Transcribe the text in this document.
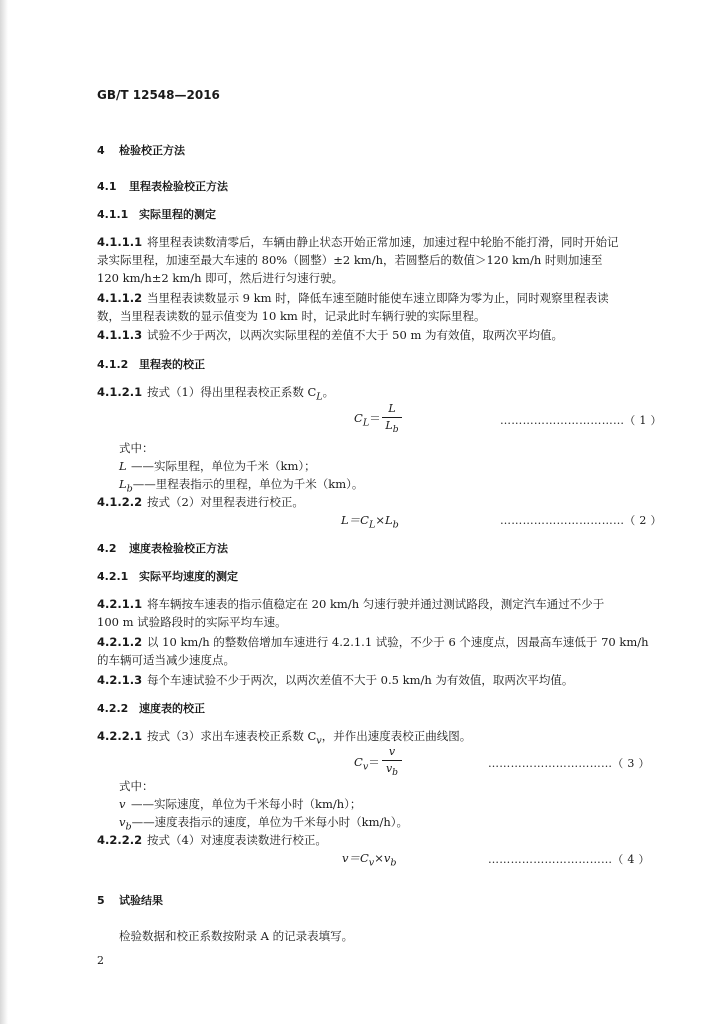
GB/T 12548—2016
4 检验校正方法
4.1 里程表检验校正方法
4.1.1 实际里程的测定
4.1.1.1 将里程表读数清零后，车辆由静止状态开始正常加速，加速过程中轮胎不能打滑，同时开始记
录实际里程，加速至最大车速的 80%（圆整）±2 km/h，若圆整后的数值＞120 km/h 时则加速至
120 km/h±2 km/h 即可，然后进行匀速行驶。
4.1.1.2 当里程表读数显示 9 km 时，降低车速至随时能使车速立即降为零为止，同时观察里程表读
数，当里程表读数的显示值变为 10 km 时，记录此时车辆行驶的实际里程。
4.1.1.3 试验不少于两次，以两次实际里程的差值不大于 50 m 为有效值，取两次平均值。
4.1.2 里程表的校正
4.1.2.1 按式（1）得出里程表校正系数 $C_L$。
$C_L=$
L
$L_b$
……………………………（ 1 ）
式中：
L ——实际里程，单位为千米（km）；
$L_b——$里程表指示的里程，单位为千米（km）。
4.1.2.2 按式（2）对里程表进行校正。
$L=C_L\times L_b$	……………………………（ 2 ）
4.2 速度表检验校正方法
4.2.1 实际平均速度的测定
4.2.1.1 将车辆按车速表的指示值稳定在 20 km/h 匀速行驶并通过测试路段，测定汽车通过不少于
100 m 试验路段时的实际平均车速。
4.2.1.2 以 10 km/h 的整数倍增加车速进行 4.2.1.1 试验，不少于 6 个速度点，因最高车速低于 70 km/h
的车辆可适当减少速度点。
4.2.1.3 每个车速试验不少于两次，以两次差值不大于 0.5 km/h 为有效值，取两次平均值。
4.2.2 速度表的校正
4.2.2.1 按式（3）求出车速表校正系数 $C_v$，并作出速度表校正曲线图。
$C_v=$
v
$v_b$
……………………………（ 3 ）
式中：
v ——实际速度，单位为千米每小时（km/h）；
$v_b——$速度表指示的速度，单位为千米每小时（km/h）。
4.2.2.2 按式（4）对速度表读数进行校正。
$v=C_v\times v_b$	……………………………（ 4 ）
5 试验结果
检验数据和校正系数按附录 A 的记录表填写。
2
